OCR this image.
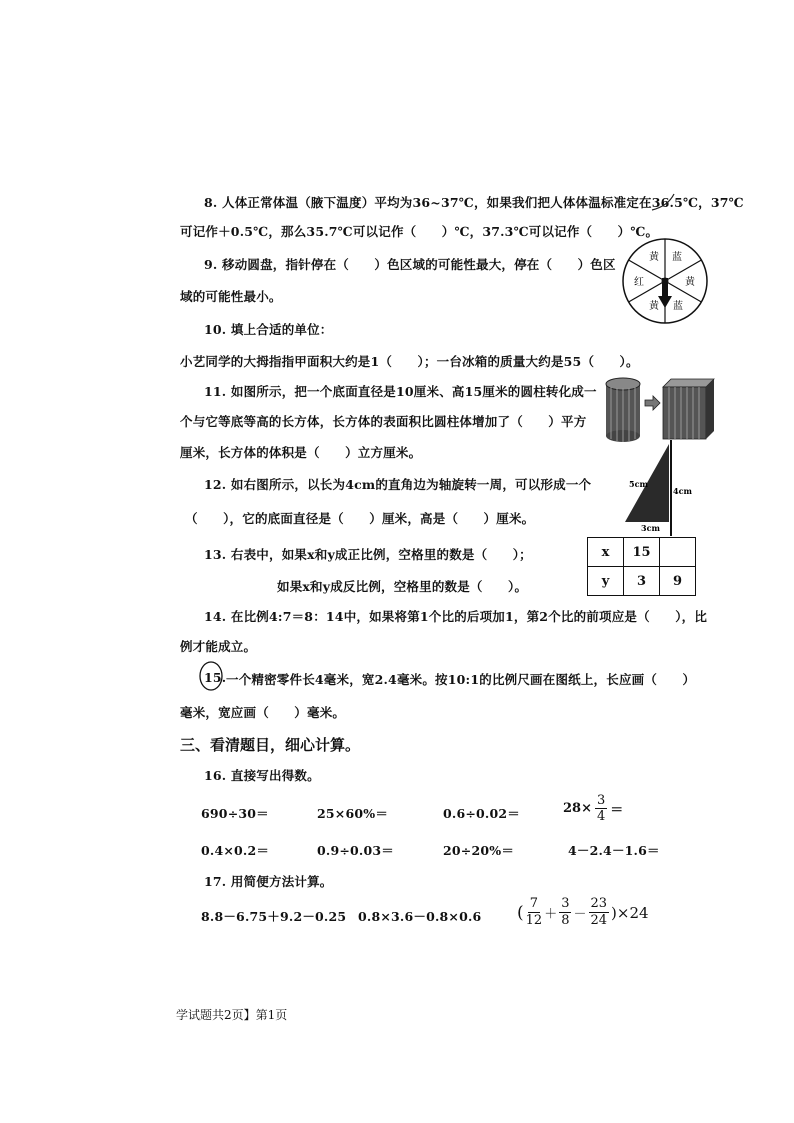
8. 人体正常体温（腋下温度）平均为36~37℃，如果我们把人体体温标准定在36.5℃，37℃
可记作＋0.5℃，那么35.7℃可以记作（　　）℃，37.3℃可以记作（　　）℃。
9. 移动圆盘，指针停在（　　）色区域的可能性最大，停在（　　）色区
域的可能性最小。
黄 蓝
黄
蓝
黄
红
10. 填上合适的单位：
小艺同学的大拇指指甲面积大约是1（　　）；一台冰箱的质量大约是55（　　）。
11. 如图所示，把一个底面直径是10厘米、高15厘米的圆柱转化成一
个与它等底等高的长方体，长方体的表面积比圆柱体增加了（　　）平方
厘米，长方体的体积是（　　）立方厘米。
12. 如右图所示，以长为4cm的直角边为轴旋转一周，可以形成一个
（　　），它的底面直径是（　　）厘米，高是（　　）厘米。
5cm
4cm
3cm
13. 右表中，如果x和y成正比例，空格里的数是（　　）；
如果x和y成反比例，空格里的数是（　　）。
x	15	
y	3	9
14. 在比例4:7＝8：14中，如果将第1个比的后项加1，第2个比的前项应是（　　），比
例才能成立。
15. 一个精密零件长4毫米，宽2.4毫米。按10:1的比例尺画在图纸上，长应画（　　）
毫米，宽应画（　　）毫米。
三、看清题目，细心计算。
16. 直接写出得数。
690÷30＝	25×60%＝	0.6÷0.02＝	$28\times \frac{3}{4}$ ＝
0.4×0.2＝	0.9÷0.03＝	20÷20%＝	4－2.4－1.6＝
17. 用简便方法计算。
8.8－6.75＋9.2－0.25 0.8×3.6－0.8×0.6 ( $\frac{7}{12} + \frac{3}{8} - \frac{23}{24} )\times 24$
学试题共2页】第1页
